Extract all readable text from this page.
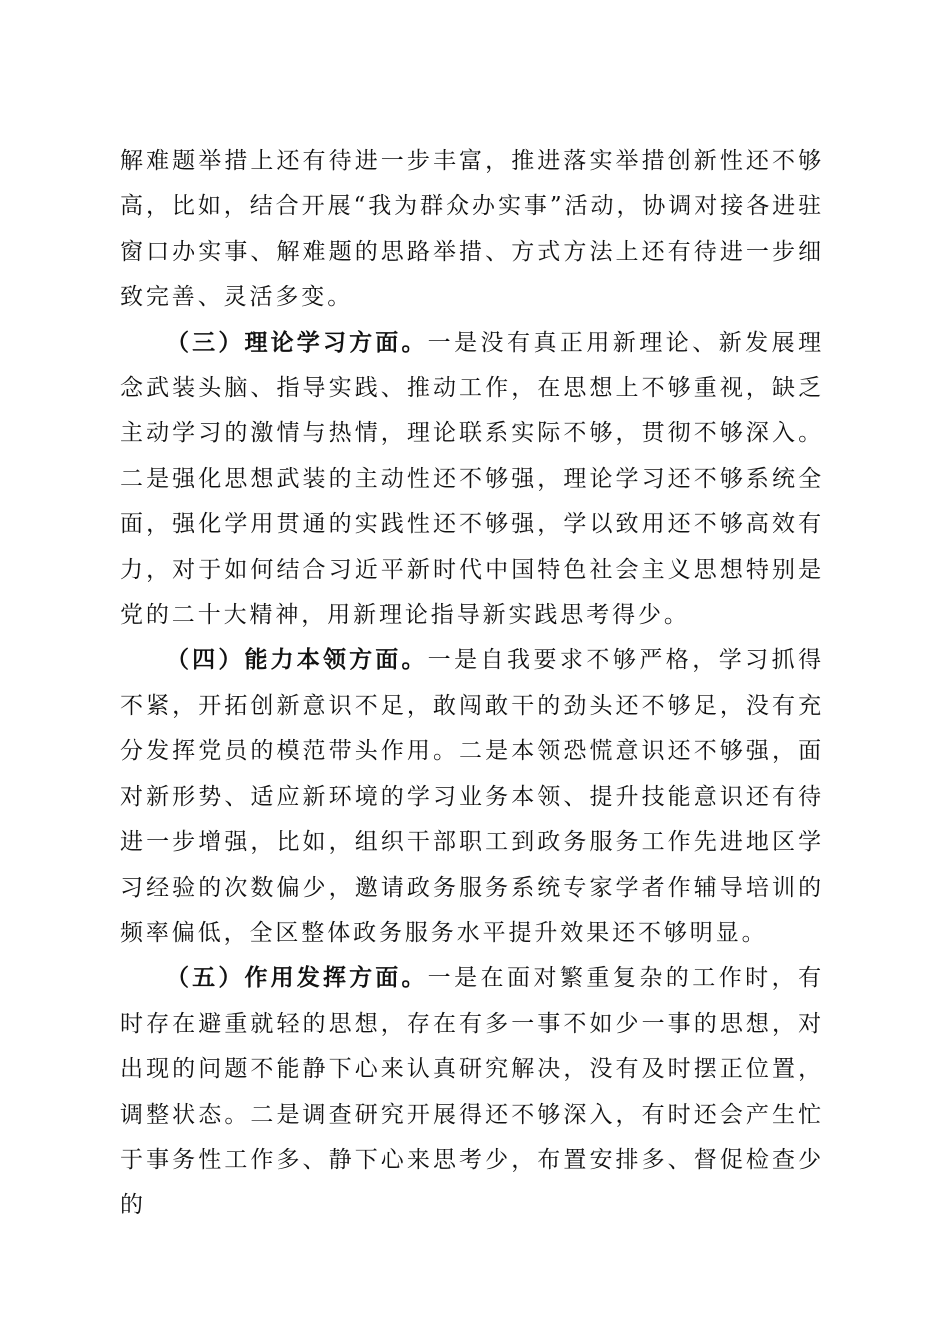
解难题举措上还有待进一步丰富，推进落实举措创新性还不够高，比如，结合开展“我为群众办实事”活动，协调对接各进驻窗口办实事、解难题的思路举措、方式方法上还有待进一步细致完善、灵活多变。

（三）理论学习方面。一是没有真正用新理论、新发展理念武装头脑、指导实践、推动工作，在思想上不够重视，缺乏主动学习的激情与热情，理论联系实际不够，贯彻不够深入。二是强化思想武装的主动性还不够强，理论学习还不够系统全面，强化学用贯通的实践性还不够强，学以致用还不够高效有力，对于如何结合习近平新时代中国特色社会主义思想特别是党的二十大精神，用新理论指导新实践思考得少。

（四）能力本领方面。一是自我要求不够严格，学习抓得不紧，开拓创新意识不足，敢闯敢干的劲头还不够足，没有充分发挥党员的模范带头作用。二是本领恐慌意识还不够强，面对新形势、适应新环境的学习业务本领、提升技能意识还有待进一步增强，比如，组织干部职工到政务服务工作先进地区学习经验的次数偏少，邀请政务服务系统专家学者作辅导培训的频率偏低，全区整体政务服务水平提升效果还不够明显。

（五）作用发挥方面。一是在面对繁重复杂的工作时，有时存在避重就轻的思想，存在有多一事不如少一事的思想，对出现的问题不能静下心来认真研究解决，没有及时摆正位置，调整状态。二是调查研究开展得还不够深入，有时还会产生忙于事务性工作多、静下心来思考少，布置安排多、督促检查少的
